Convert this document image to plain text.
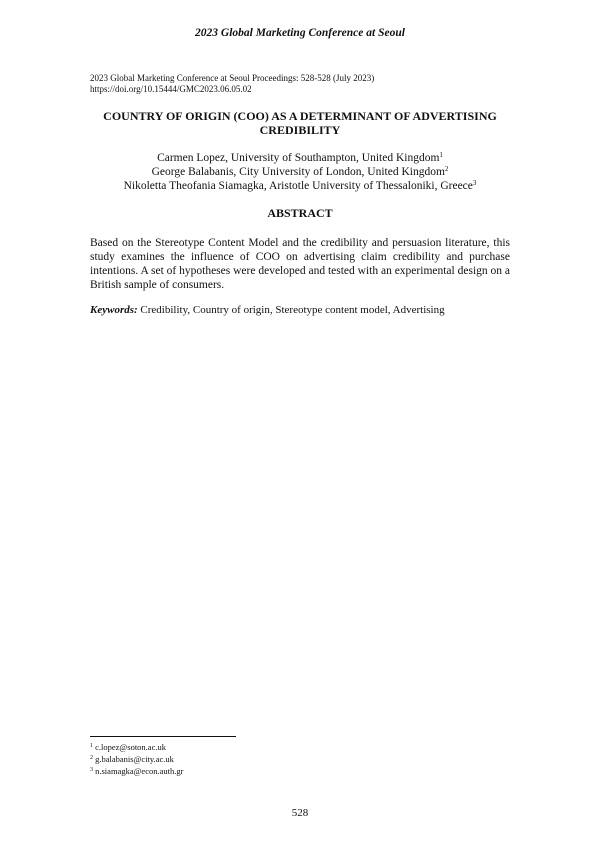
2023 Global Marketing Conference at Seoul
2023 Global Marketing Conference at Seoul Proceedings: 528-528 (July 2023)
https://doi.org/10.15444/GMC2023.06.05.02
COUNTRY OF ORIGIN (COO) AS A DETERMINANT OF ADVERTISING CREDIBILITY
Carmen Lopez, University of Southampton, United Kingdom$^1$
George Balabanis, City University of London, United Kingdom$^2$
Nikoletta Theofania Siamagka, Aristotle University of Thessaloniki, Greece$^3$
ABSTRACT
Based on the Stereotype Content Model and the credibility and persuasion literature, this study examines the influence of COO on advertising claim credibility and purchase intentions. A set of hypotheses were developed and tested with an experimental design on a British sample of consumers.
Keywords: Credibility, Country of origin, Stereotype content model, Advertising
$^1$ c.lopez@soton.ac.uk
$^2$ g.balabanis@city.ac.uk
$^3$ n.siamagka@econ.auth.gr
528
